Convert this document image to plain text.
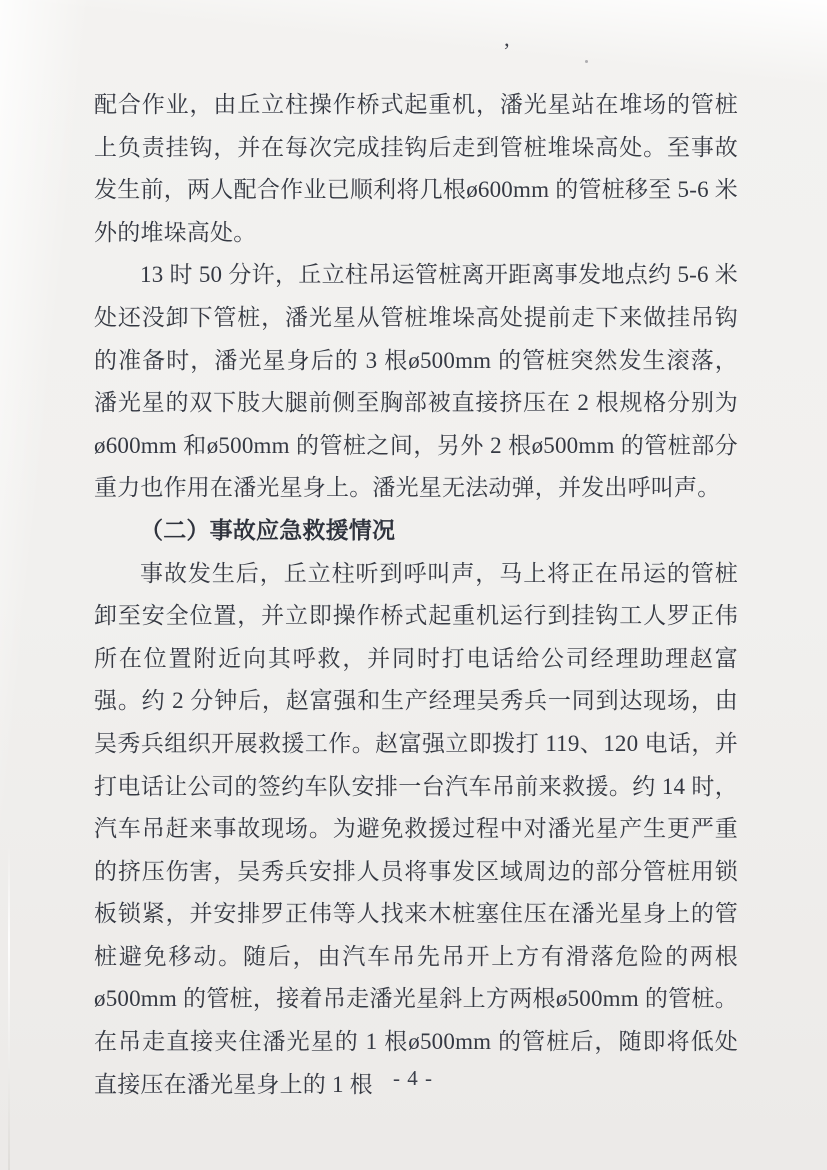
’

配合作业，由丘立柱操作桥式起重机，潘光星站在堆场的管桩上负责挂钩，并在每次完成挂钩后走到管桩堆垛高处。至事故发生前，两人配合作业已顺利将几根ø600mm 的管桩移至 5-6 米外的堆垛高处。

13 时 50 分许，丘立柱吊运管桩离开距离事发地点约 5-6 米处还没卸下管桩，潘光星从管桩堆垛高处提前走下来做挂吊钩的准备时，潘光星身后的 3 根ø500mm 的管桩突然发生滚落，潘光星的双下肢大腿前侧至胸部被直接挤压在 2 根规格分别为ø600mm 和ø500mm 的管桩之间，另外 2 根ø500mm 的管桩部分重力也作用在潘光星身上。潘光星无法动弹，并发出呼叫声。

（二）事故应急救援情况

事故发生后，丘立柱听到呼叫声，马上将正在吊运的管桩卸至安全位置，并立即操作桥式起重机运行到挂钩工人罗正伟所在位置附近向其呼救，并同时打电话给公司经理助理赵富强。约 2 分钟后，赵富强和生产经理吴秀兵一同到达现场，由吴秀兵组织开展救援工作。赵富强立即拨打 119、120 电话，并打电话让公司的签约车队安排一台汽车吊前来救援。约 14 时，汽车吊赶来事故现场。为避免救援过程中对潘光星产生更严重的挤压伤害，吴秀兵安排人员将事发区域周边的部分管桩用锁板锁紧，并安排罗正伟等人找来木桩塞住压在潘光星身上的管桩避免移动。随后，由汽车吊先吊开上方有滑落危险的两根ø500mm 的管桩，接着吊走潘光星斜上方两根ø500mm 的管桩。在吊走直接夹住潘光星的 1 根ø500mm 的管桩后，随即将低处直接压在潘光星身上的 1 根 - 4 -
